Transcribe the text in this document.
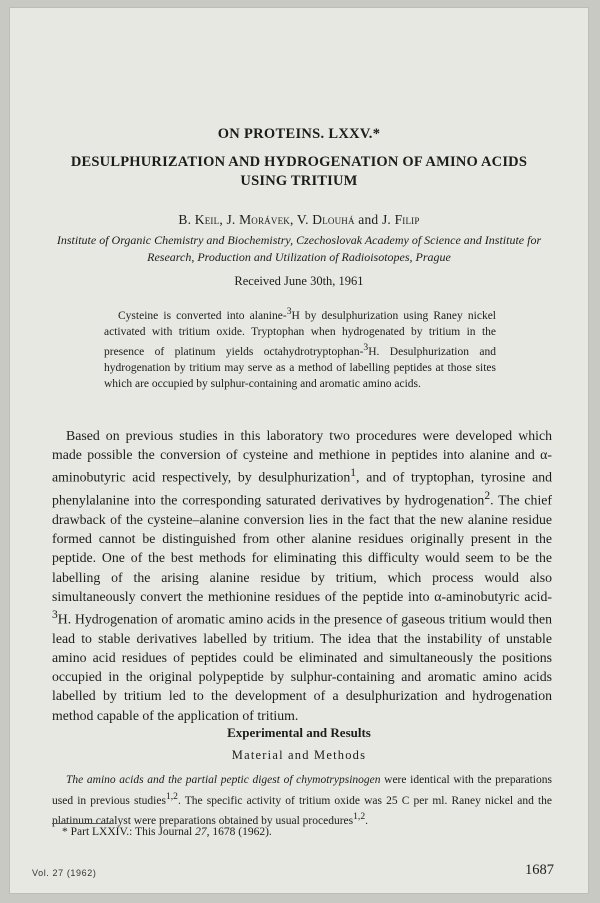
ON PROTEINS. LXXV.*
DESULPHURIZATION AND HYDROGENATION OF AMINO ACIDS USING TRITIUM
B. Keil, J. Morávek, V. Dlouhá and J. Filip
Institute of Organic Chemistry and Biochemistry, Czechoslovak Academy of Science and Institute for Research, Production and Utilization of Radioisotopes, Prague
Received June 30th, 1961
Cysteine is converted into alanine-$^3$H by desulphurization using Raney nickel activated with tritium oxide. Tryptophan when hydrogenated by tritium in the presence of platinum yields octahydrotryptophan-$^3$H. Desulphurization and hydrogenation by tritium may serve as a method of labelling peptides at those sites which are occupied by sulphur-containing and aromatic amino acids.
Based on previous studies in this laboratory two procedures were developed which made possible the conversion of cysteine and methione in peptides into alanine and α-aminobutyric acid respectively, by desulphurization$^1$, and of tryptophan, tyrosine and phenylalanine into the corresponding saturated derivatives by hydrogenation$^2$. The chief drawback of the cysteine–alanine conversion lies in the fact that the new alanine residue formed cannot be distinguished from other alanine residues originally present in the peptide. One of the best methods for eliminating this difficulty would seem to be the labelling of the arising alanine residue by tritium, which process would also simultaneously convert the methionine residues of the peptide into α-aminobutyric acid-$^3$H. Hydrogenation of aromatic amino acids in the presence of gaseous tritium would then lead to stable derivatives labelled by tritium. The idea that the instability of unstable amino acid residues of peptides could be eliminated and simultaneously the positions occupied in the original polypeptide by sulphur-containing and aromatic amino acids labelled by tritium led to the development of a desulphurization and hydrogenation method capable of the application of tritium.
Experimental and Results
Material and Methods
The amino acids and the partial peptic digest of chymotrypsinogen were identical with the preparations used in previous studies$^{1,2}$. The specific activity of tritium oxide was 25 C per ml. Raney nickel and the platinum catalyst were preparations obtained by usual procedures$^{1,2}$.
* Part LXXIV.: This Journal 27, 1678 (1962).
Vol. 27 (1962)	1687
